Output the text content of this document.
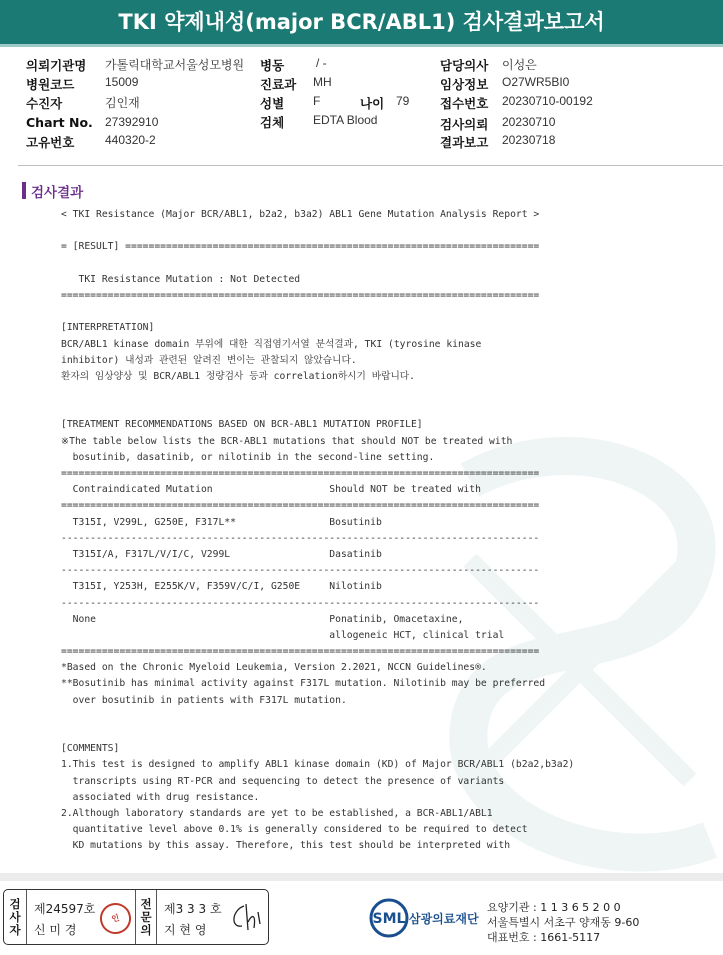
TKI 약제내성(major BCR/ABL1) 검사결과보고서
의뢰기관명 가톨릭대학교서울성모병원
병원코드	15009
수진자	김인재
Chart No. 27392910
고유번호	440320-2
병동	/ -
진료과 MH
성별 F	나이 79
검체 EDTA Blood
담당의사 이성은
임상정보 O27WR5BI0
접수번호 20230710-00192
검사의뢰 20230710
결과보고 20230718
검사결과
< TKI Resistance (Major BCR/ABL1, b2a2, b3a2) ABL1 Gene Mutation Analysis Report >
= [RESULT] =======================================================================
TKI Resistance Mutation : Not Detected
==================================================================================
[INTERPRETATION]
BCR/ABL1 kinase domain 부위에 대한 직접염기서열 분석결과, TKI (tyrosine kinase
inhibitor) 내성과 관련된 알려진 변이는 관찰되지 않았습니다.
환자의 임상양상 및 BCR/ABL1 정량검사 등과 correlation하시기 바랍니다.
[TREATMENT RECOMMENDATIONS BASED ON BCR-ABL1 MUTATION PROFILE]
※The table below lists the BCR-ABL1 mutations that should NOT be treated with
bosutinib, dasatinib, or nilotinib in the second-line setting.
==================================================================================
Contraindicated Mutation                    Should NOT be treated with
==================================================================================
T315I, V299L, G250E, F317L**                Bosutinib
----------------------------------------------------------------------------------
T315I/A, F317L/V/I/C, V299L                 Dasatinib
----------------------------------------------------------------------------------
T315I, Y253H, E255K/V, F359V/C/I, G250E     Nilotinib
----------------------------------------------------------------------------------
None                                        Ponatinib, Omacetaxine,
allogeneic HCT, clinical trial
==================================================================================
*Based on the Chronic Myeloid Leukemia, Version 2.2021, NCCN Guidelines®.
**Bosutinib has minimal activity against F317L mutation. Nilotinib may be preferred
over bosutinib in patients with F317L mutation.
[COMMENTS]
1.This test is designed to amplify ABL1 kinase domain (KD) of Major BCR/ABL1 (b2a2,b3a2)
transcripts using RT-PCR and sequencing to detect the presence of variants
associated with drug resistance.
2.Although laboratory standards are yet to be established, a BCR-ABL1/ABL1
quantitative level above 0.1% is generally considered to be required to detect
KD mutations by this assay. Therefore, this test should be interpreted with
검사자
제24597호
신 미 경
인
전문의
제3 3 3 호
지 현 영
SML 삼광의료재단
요양기관 : 1 1 3 6 5 2 0 0
서울특별시 서초구 양재동 9-60
대표번호 : 1661-5117
